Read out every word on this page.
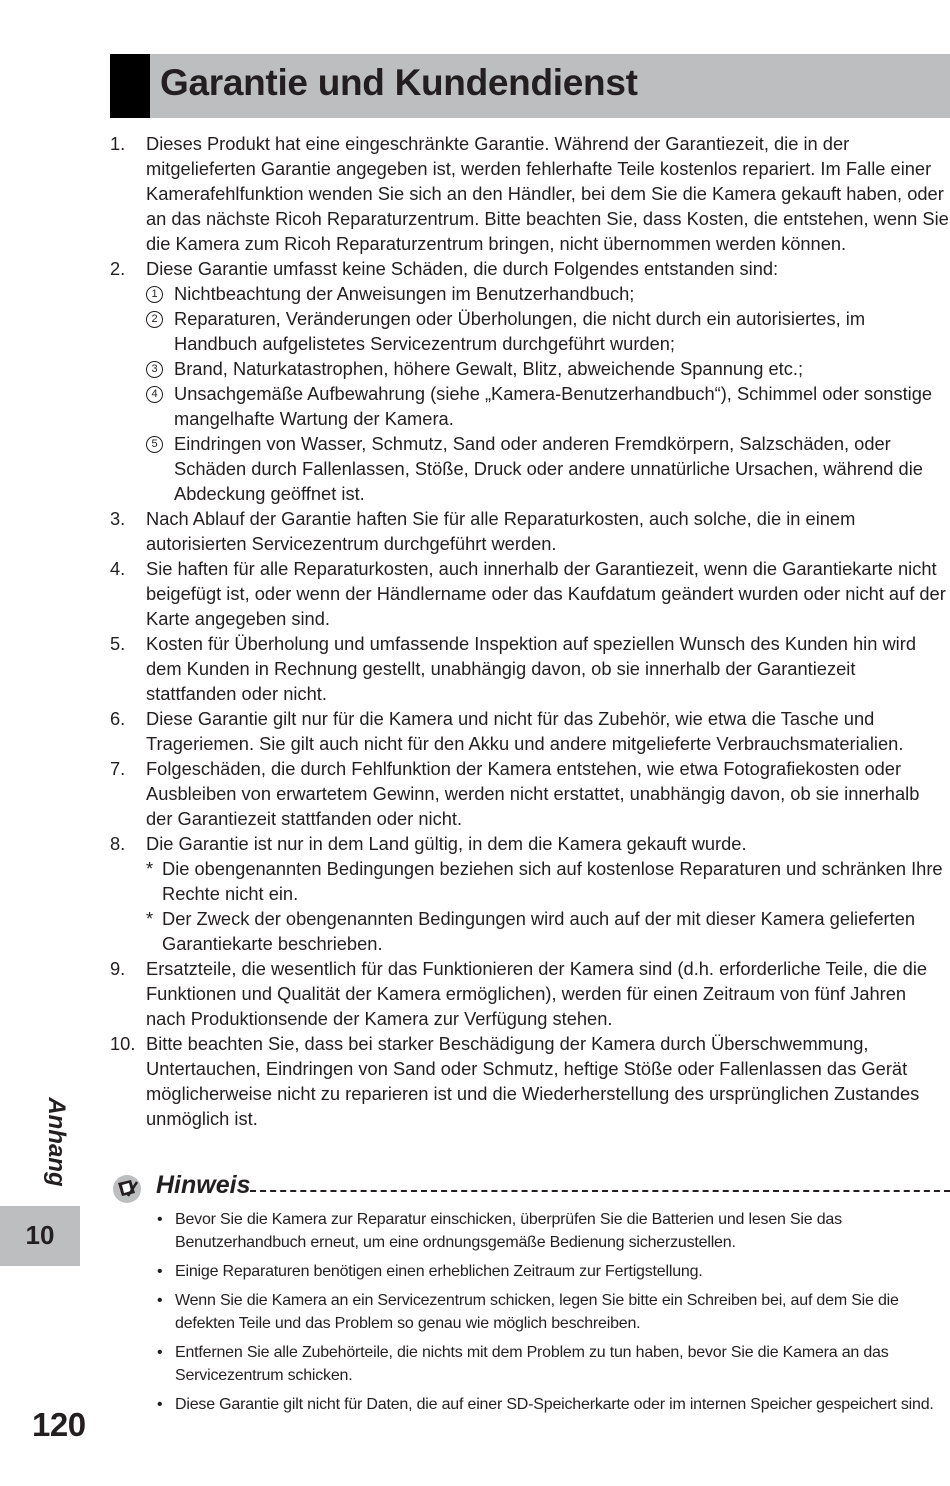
Garantie und Kundendienst
1. Dieses Produkt hat eine eingeschränkte Garantie. Während der Garantiezeit, die in der mitgelieferten Garantie angegeben ist, werden fehlerhafte Teile kostenlos repariert. Im Falle einer Kamerafehlfunktion wenden Sie sich an den Händler, bei dem Sie die Kamera gekauft haben, oder an das nächste Ricoh Reparaturzentrum. Bitte beachten Sie, dass Kosten, die entstehen, wenn Sie die Kamera zum Ricoh Reparaturzentrum bringen, nicht übernommen werden können.
2. Diese Garantie umfasst keine Schäden, die durch Folgendes entstanden sind:
1 Nichtbeachtung der Anweisungen im Benutzerhandbuch;
2 Reparaturen, Veränderungen oder Überholungen, die nicht durch ein autorisiertes, im Handbuch aufgelistetes Servicezentrum durchgeführt wurden;
3 Brand, Naturkatastrophen, höhere Gewalt, Blitz, abweichende Spannung etc.;
4 Unsachgemäße Aufbewahrung (siehe „Kamera-Benutzerhandbuch“), Schimmel oder sonstige mangelhafte Wartung der Kamera.
5 Eindringen von Wasser, Schmutz, Sand oder anderen Fremdkörpern, Salzschäden, oder Schäden durch Fallenlassen, Stöße, Druck oder andere unnatürliche Ursachen, während die Abdeckung geöffnet ist.
3. Nach Ablauf der Garantie haften Sie für alle Reparaturkosten, auch solche, die in einem autorisierten Servicezentrum durchgeführt werden.
4. Sie haften für alle Reparaturkosten, auch innerhalb der Garantiezeit, wenn die Garantiekarte nicht beigefügt ist, oder wenn der Händlername oder das Kaufdatum geändert wurden oder nicht auf der Karte angegeben sind.
5. Kosten für Überholung und umfassende Inspektion auf speziellen Wunsch des Kunden hin wird dem Kunden in Rechnung gestellt, unabhängig davon, ob sie innerhalb der Garantiezeit stattfanden oder nicht.
6. Diese Garantie gilt nur für die Kamera und nicht für das Zubehör, wie etwa die Tasche und Trageriemen. Sie gilt auch nicht für den Akku und andere mitgelieferte Verbrauchsmaterialien.
7. Folgeschäden, die durch Fehlfunktion der Kamera entstehen, wie etwa Fotografiekosten oder Ausbleiben von erwartetem Gewinn, werden nicht erstattet, unabhängig davon, ob sie innerhalb der Garantiezeit stattfanden oder nicht.
8. Die Garantie ist nur in dem Land gültig, in dem die Kamera gekauft wurde.
* Die obengenannten Bedingungen beziehen sich auf kostenlose Reparaturen und schränken Ihre Rechte nicht ein.
* Der Zweck der obengenannten Bedingungen wird auch auf der mit dieser Kamera gelieferten Garantiekarte beschrieben.
9. Ersatzteile, die wesentlich für das Funktionieren der Kamera sind (d.h. erforderliche Teile, die die Funktionen und Qualität der Kamera ermöglichen), werden für einen Zeitraum von fünf Jahren nach Produktionsende der Kamera zur Verfügung stehen.
10. Bitte beachten Sie, dass bei starker Beschädigung der Kamera durch Überschwemmung, Untertauchen, Eindringen von Sand oder Schmutz, heftige Stöße oder Fallenlassen das Gerät möglicherweise nicht zu reparieren ist und die Wiederherstellung des ursprünglichen Zustandes unmöglich ist.
Anhang
10
120
Hinweis
• Bevor Sie die Kamera zur Reparatur einschicken, überprüfen Sie die Batterien und lesen Sie das Benutzerhandbuch erneut, um eine ordnungsgemäße Bedienung sicherzustellen.
• Einige Reparaturen benötigen einen erheblichen Zeitraum zur Fertigstellung.
• Wenn Sie die Kamera an ein Servicezentrum schicken, legen Sie bitte ein Schreiben bei, auf dem Sie die defekten Teile und das Problem so genau wie möglich beschreiben.
• Entfernen Sie alle Zubehörteile, die nichts mit dem Problem zu tun haben, bevor Sie die Kamera an das Servicezentrum schicken.
• Diese Garantie gilt nicht für Daten, die auf einer SD-Speicherkarte oder im internen Speicher gespeichert sind.
